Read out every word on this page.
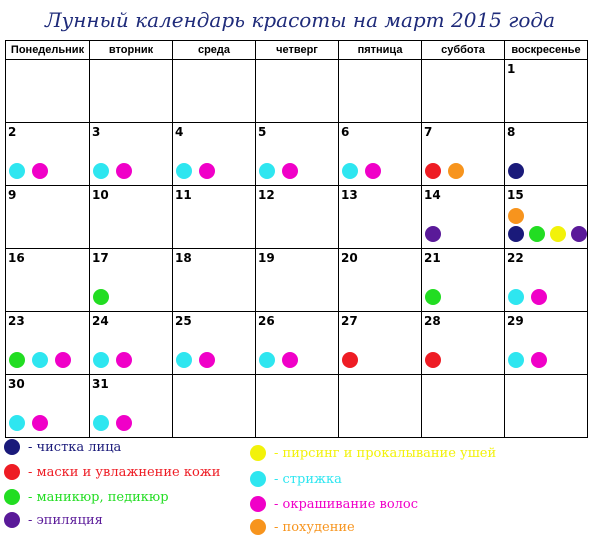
Лунный календарь красоты на март 2015 года
Понедельник	вторник	среда	четверг	пятница	суббота	воскресенье

						1

2	3	4	5	6	7	8

9	10	11	12	13	14	15

16	17	18	19	20	21	22

23	24	25	26	27	28	29

30	31					

- чистка лица
- маски и увлажнение кожи
- маникюр, педикюр
- эпиляция
- пирсинг и прокалывание ушей
- стрижка
- окрашивание волос
- похудение
